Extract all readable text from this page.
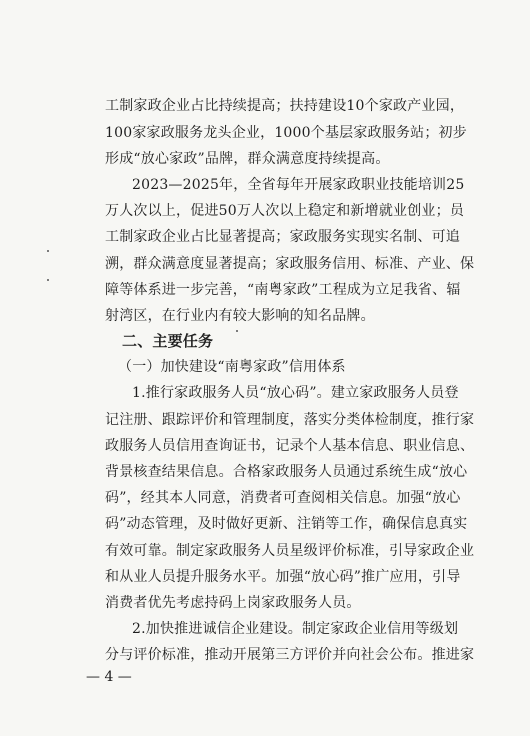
工制家政企业占比持续提高；扶持建设10个家政产业园，
100家家政服务龙头企业，1000个基层家政服务站；初步
形成“放心家政”品牌，群众满意度持续提高。
2023—2025年，全省每年开展家政职业技能培训25
万人次以上，促进50万人次以上稳定和新增就业创业；员
工制家政企业占比显著提高；家政服务实现实名制、可追
溯，群众满意度显著提高；家政服务信用、标准、产业、保
障等体系进一步完善，“南粤家政”工程成为立足我省、辐
射湾区，在行业内有较大影响的知名品牌。
二、主要任务
（一）加快建设“南粤家政”信用体系
1.推行家政服务人员“放心码”。建立家政服务人员登
记注册、跟踪评价和管理制度，落实分类体检制度，推行家
政服务人员信用查询证书，记录个人基本信息、职业信息、
背景核查结果信息。合格家政服务人员通过系统生成“放心
码”，经其本人同意，消费者可查阅相关信息。加强“放心
码”动态管理，及时做好更新、注销等工作，确保信息真实
有效可靠。制定家政服务人员星级评价标准，引导家政企业
和从业人员提升服务水平。加强“放心码”推广应用，引导
消费者优先考虑持码上岗家政服务人员。
2.加快推进诚信企业建设。制定家政企业信用等级划
分与评价标准，推动开展第三方评价并向社会公布。推进家
— 4 —
